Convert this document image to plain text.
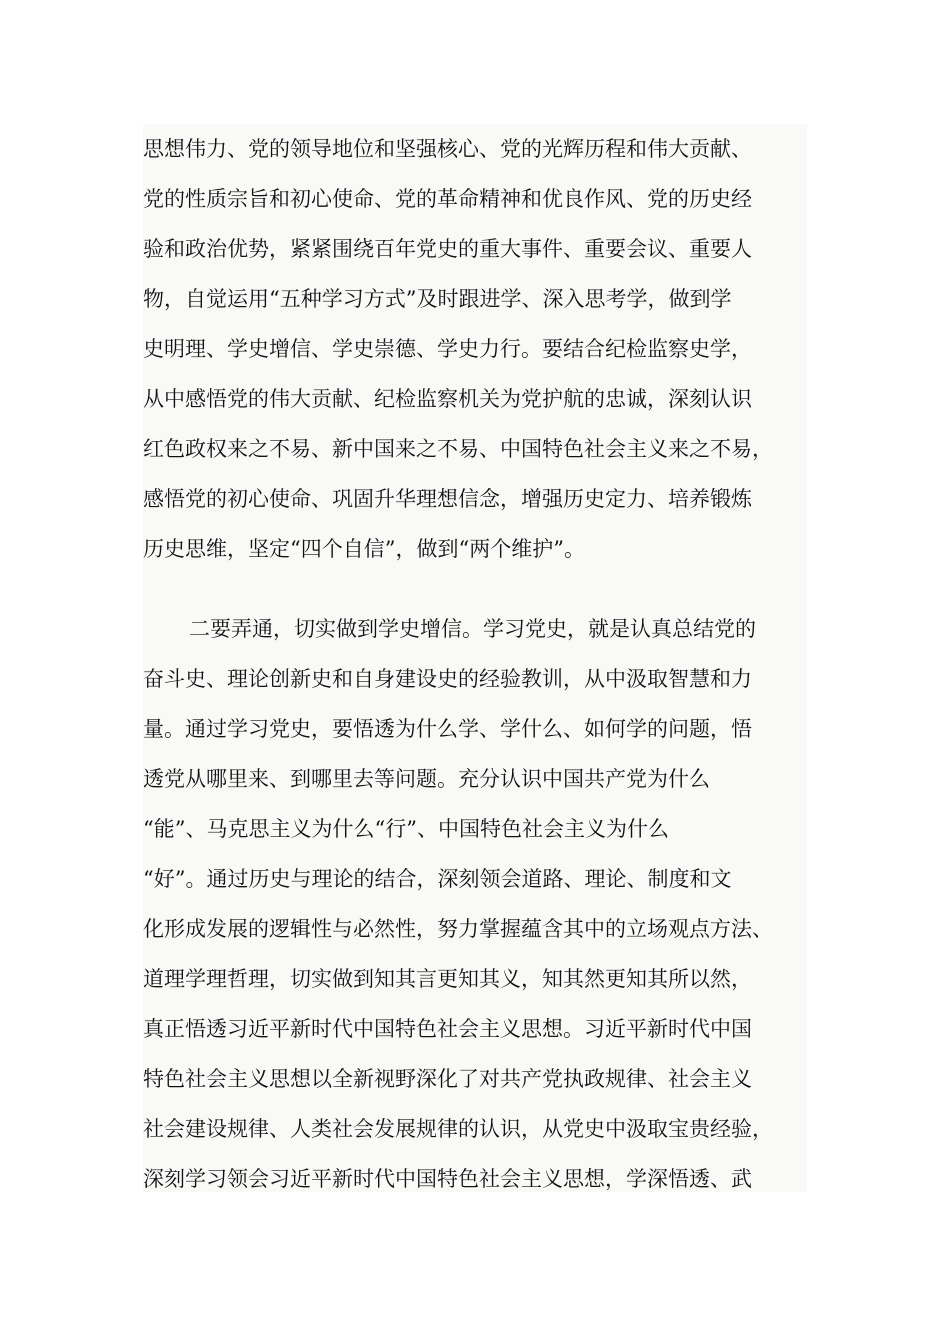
思想伟力、党的领导地位和坚强核心、党的光辉历程和伟大贡献、
党的性质宗旨和初心使命、党的革命精神和优良作风、党的历史经
验和政治优势，紧紧围绕百年党史的重大事件、重要会议、重要人
物，自觉运用“五种学习方式”及时跟进学、深入思考学，做到学
史明理、学史增信、学史崇德、学史力行。要结合纪检监察史学，
从中感悟党的伟大贡献、纪检监察机关为党护航的忠诚，深刻认识
红色政权来之不易、新中国来之不易、中国特色社会主义来之不易，
感悟党的初心使命、巩固升华理想信念，增强历史定力、培养锻炼
历史思维，坚定“四个自信”，做到“两个维护”。
二要弄通，切实做到学史增信。学习党史，就是认真总结党的
奋斗史、理论创新史和自身建设史的经验教训，从中汲取智慧和力
量。通过学习党史，要悟透为什么学、学什么、如何学的问题，悟
透党从哪里来、到哪里去等问题。充分认识中国共产党为什么
“能”、马克思主义为什么“行”、中国特色社会主义为什么
“好”。通过历史与理论的结合，深刻领会道路、理论、制度和文
化形成发展的逻辑性与必然性，努力掌握蕴含其中的立场观点方法、
道理学理哲理，切实做到知其言更知其义，知其然更知其所以然，
真正悟透习近平新时代中国特色社会主义思想。习近平新时代中国
特色社会主义思想以全新视野深化了对共产党执政规律、社会主义
社会建设规律、人类社会发展规律的认识，从党史中汲取宝贵经验，
深刻学习领会习近平新时代中国特色社会主义思想，学深悟透、武
